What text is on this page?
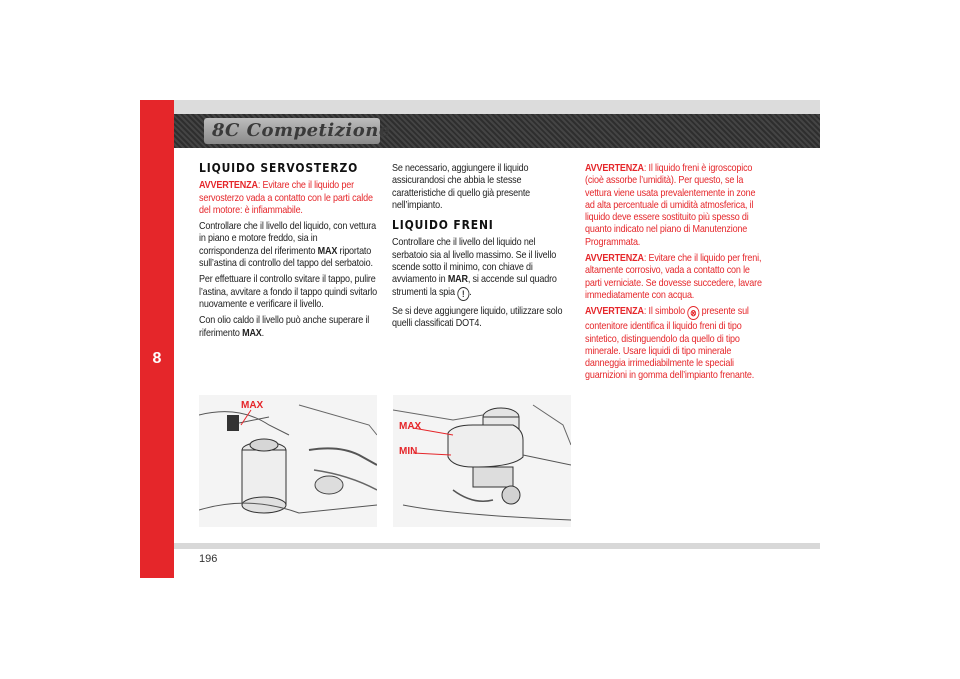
8
8C Competizione
LIQUIDO SERVOSTERZO

AVVERTENZA: Evitare che il liquido per servosterzo vada a contatto con le parti calde del motore: è infiammabile.

Controllare che il livello del liquido, con vettura in piano e motore freddo, sia in corrispondenza del riferimento MAX riportato sull’astina di controllo del tappo del serbatoio.

Per effettuare il controllo svitare il tappo, pulire l’astina, avvitare a fondo il tappo quindi svitarlo nuovamente e verificare il livello.

Con olio caldo il livello può anche superare il riferimento MAX.

Se necessario, aggiungere il liquido assicurandosi che abbia le stesse caratteristiche di quello già presente nell’impianto.

LIQUIDO FRENI

Controllare che il livello del liquido nel serbatoio sia al livello massimo. Se il livello scende sotto il minimo, con chiave di avviamento in MAR, si accende sul quadro strumenti la spia ! .

Se si deve aggiungere liquido, utilizzare solo quelli classificati DOT4.

AVVERTENZA: Il liquido freni è igroscopico (cioè assorbe l’umidità). Per questo, se la vettura viene usata prevalentemente in zone ad alta percentuale di umidità atmosferica, il liquido deve essere sostituito più spesso di quanto indicato nel piano di Manutenzione Programmata.

AVVERTENZA: Evitare che il liquido per freni, altamente corrosivo, vada a contatto con le parti verniciate. Se dovesse succedere, lavare immediatamente con acqua.

AVVERTENZA: Il simbolo ⊗ presente sul contenitore identifica il liquido freni di tipo sintetico, distinguendolo da quello di tipo minerale. Usare liquidi di tipo minerale danneggia irrimediabilmente le speciali guarnizioni in gomma dell’impianto frenante.

MAX
MAX
MIN
196
